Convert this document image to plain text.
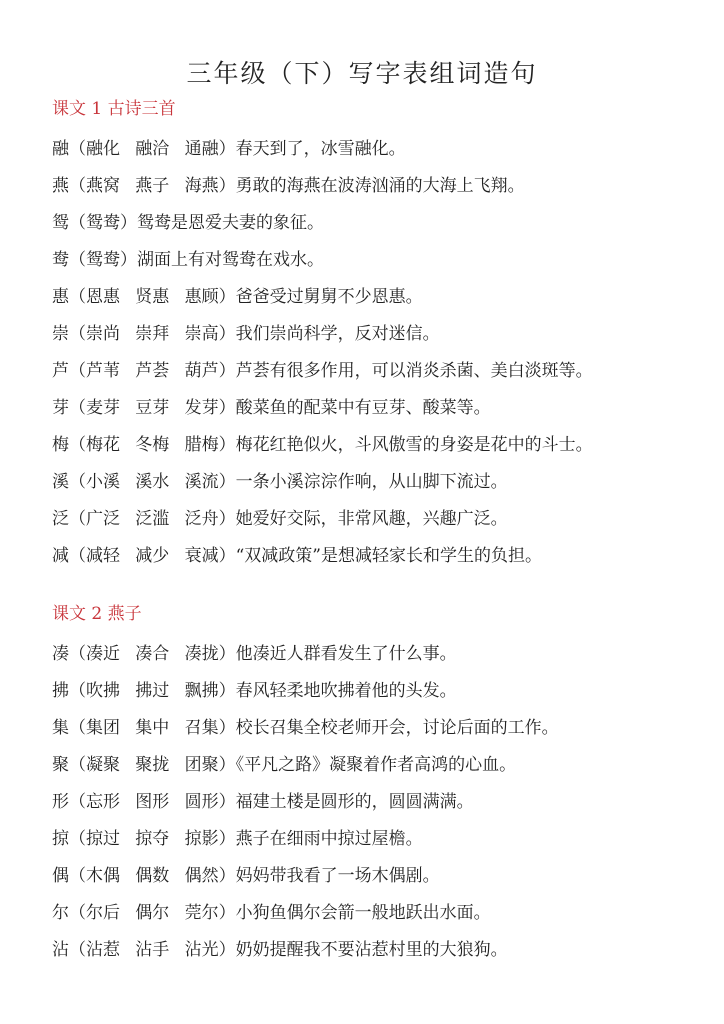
三年级（下）写字表组词造句
课文 1 古诗三首
融（融化 融洽 通融）春天到了，冰雪融化。
燕（燕窝 燕子 海燕）勇敢的海燕在波涛汹涌的大海上飞翔。
鸳（鸳鸯）鸳鸯是恩爱夫妻的象征。
鸯（鸳鸯）湖面上有对鸳鸯在戏水。
惠（恩惠 贤惠 惠顾）爸爸受过舅舅不少恩惠。
崇（崇尚 崇拜 崇高）我们崇尚科学，反对迷信。
芦（芦苇 芦荟 葫芦）芦荟有很多作用，可以消炎杀菌、美白淡斑等。
芽（麦芽 豆芽 发芽）酸菜鱼的配菜中有豆芽、酸菜等。
梅（梅花 冬梅 腊梅）梅花红艳似火，斗风傲雪的身姿是花中的斗士。
溪（小溪 溪水 溪流）一条小溪淙淙作响，从山脚下流过。
泛（广泛 泛滥 泛舟）她爱好交际，非常风趣，兴趣广泛。
减（减轻 减少 衰减）“双减政策”是想减轻家长和学生的负担。
课文 2 燕子
凑（凑近 凑合 凑拢）他凑近人群看发生了什么事。
拂（吹拂 拂过 飘拂）春风轻柔地吹拂着他的头发。
集（集团 集中 召集）校长召集全校老师开会，讨论后面的工作。
聚（凝聚 聚拢 团聚）《平凡之路》凝聚着作者高鸿的心血。
形（忘形 图形 圆形）福建土楼是圆形的，圆圆满满。
掠（掠过 掠夺 掠影）燕子在细雨中掠过屋檐。
偶（木偶 偶数 偶然）妈妈带我看了一场木偶剧。
尔（尔后 偶尔 莞尔）小狗鱼偶尔会箭一般地跃出水面。
沾（沾惹 沾手 沾光）奶奶提醒我不要沾惹村里的大狼狗。
